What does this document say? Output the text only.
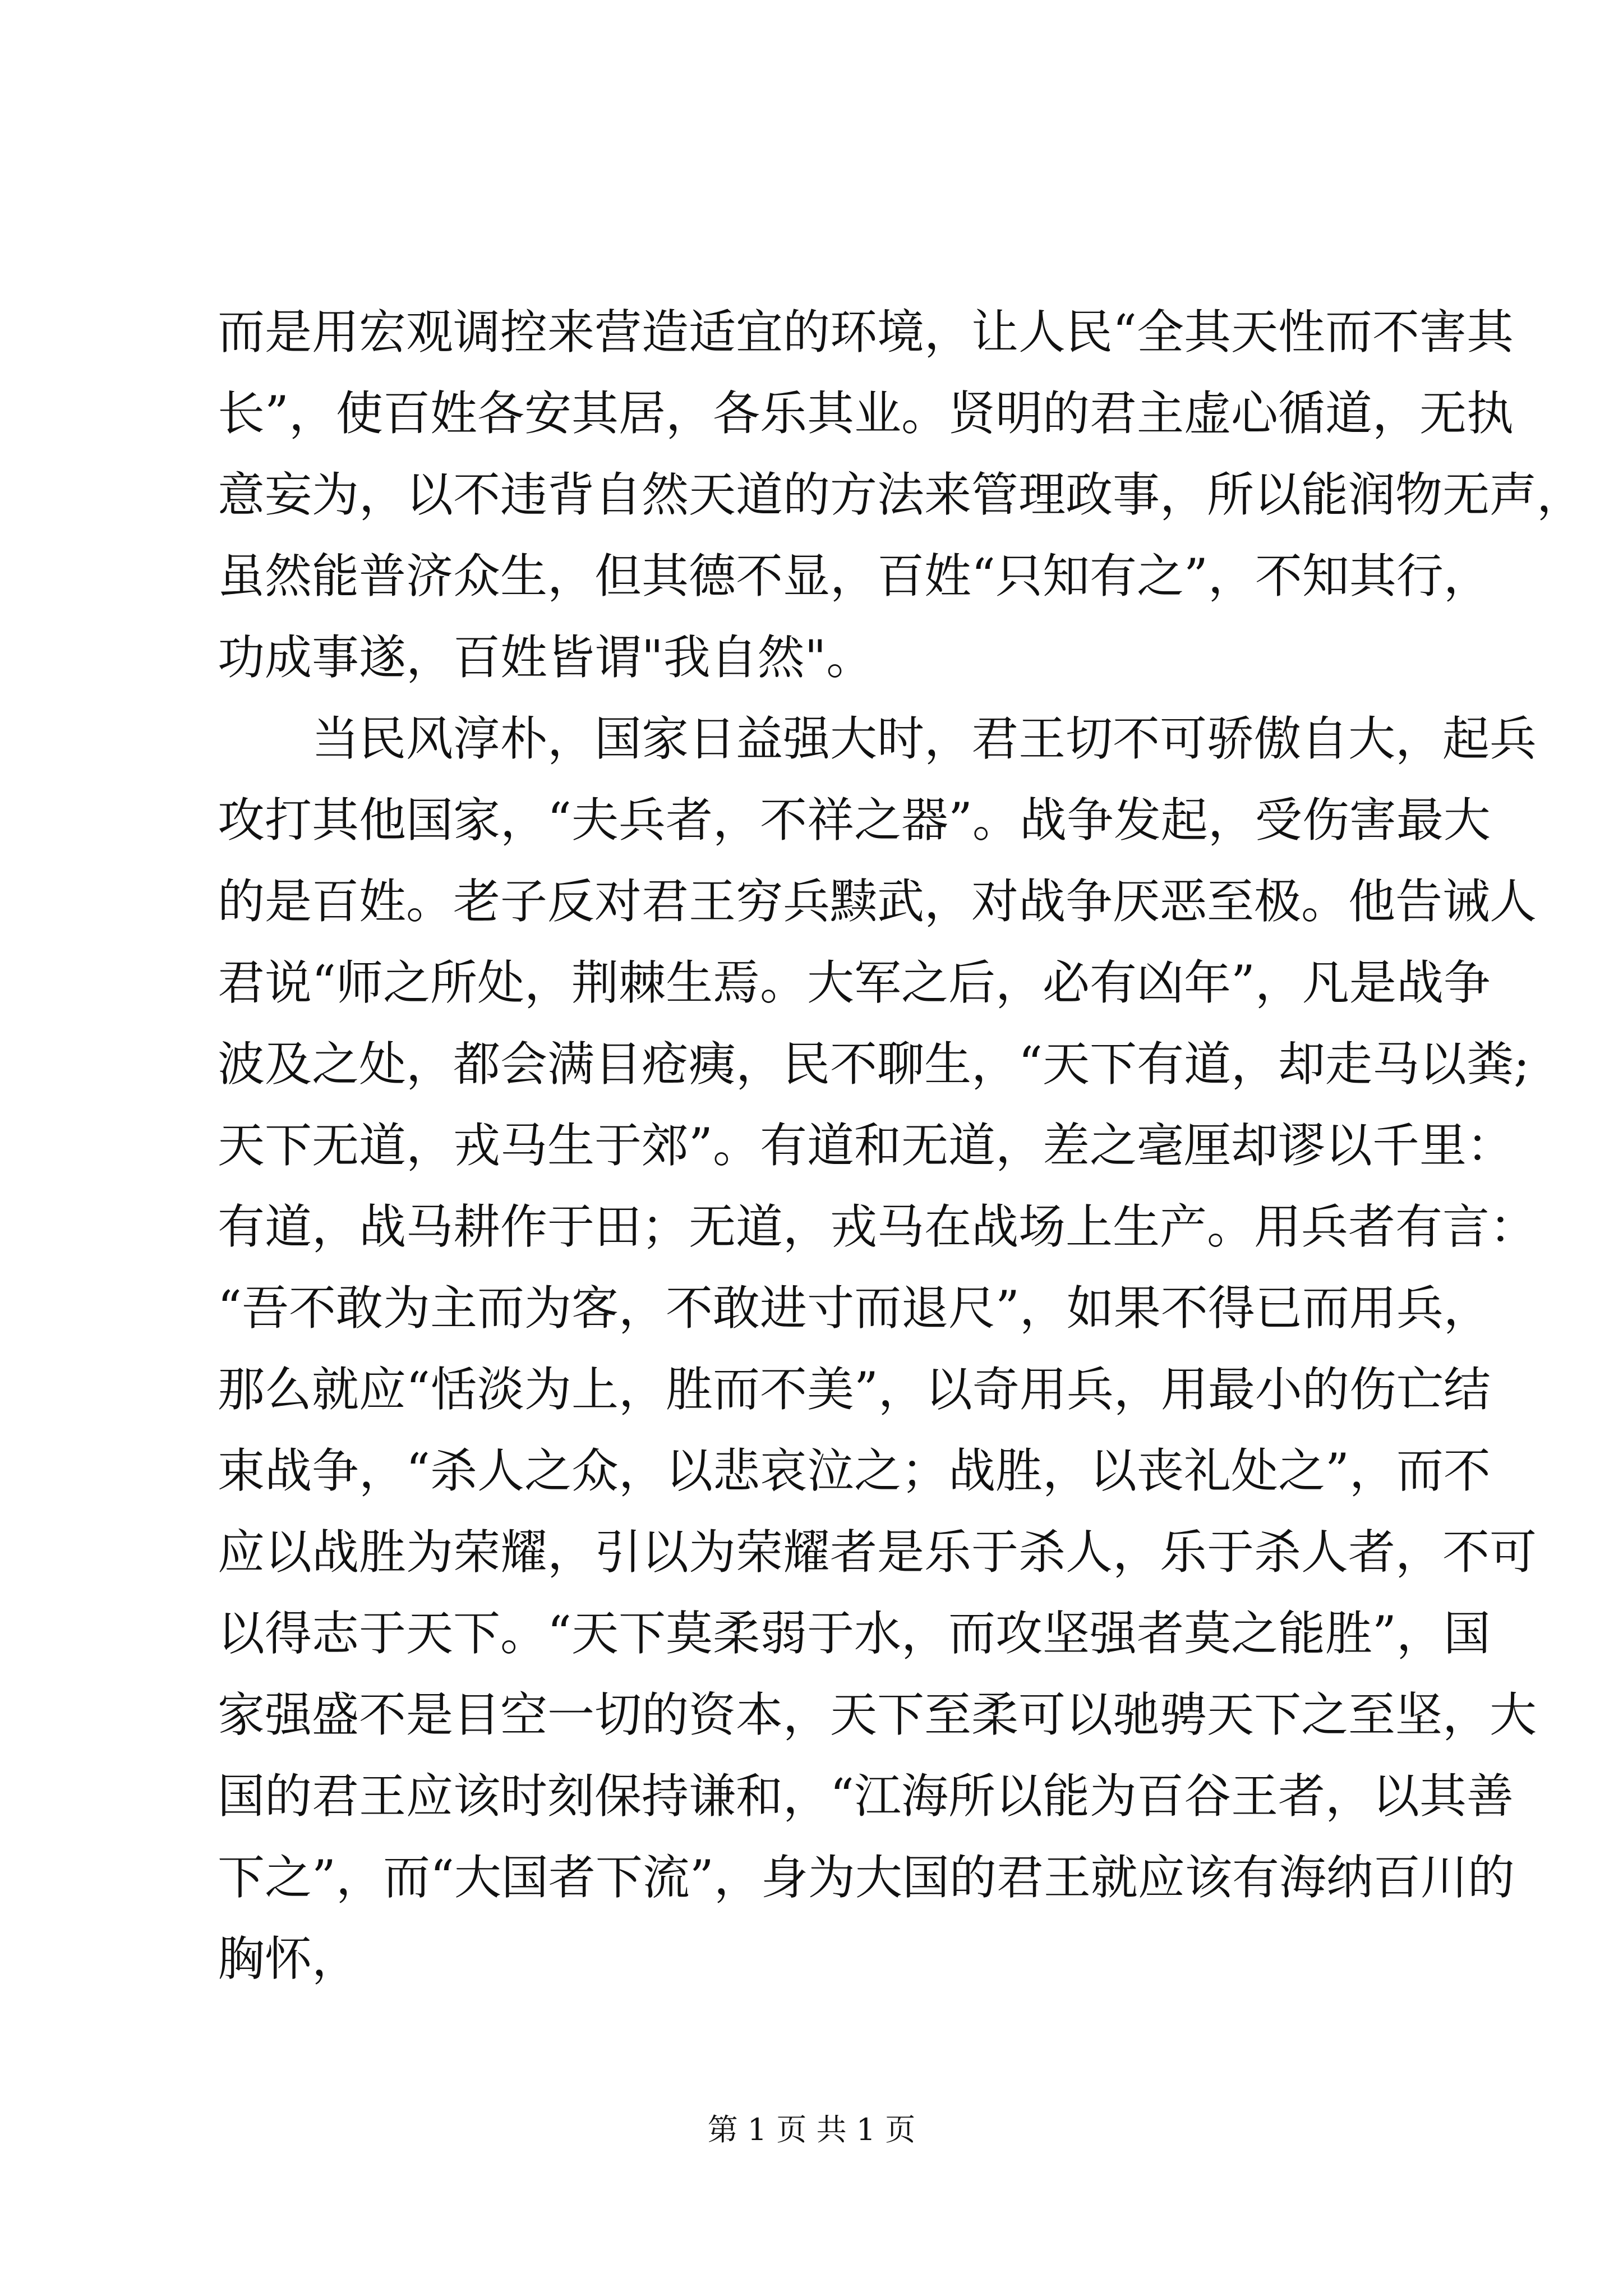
而是用宏观调控来营造适宜的环境，让人民“全其天性而不害其
长”，使百姓各安其居，各乐其业。贤明的君主虚心循道，无执
意妄为，以不违背自然天道的方法来管理政事，所以能润物无声，
虽然能普济众生，但其德不显，百姓“只知有之”，不知其行，
功成事遂，百姓皆谓"我自然"。
当民风淳朴，国家日益强大时，君王切不可骄傲自大，起兵
攻打其他国家，“夫兵者，不祥之器”。战争发起，受伤害最大
的是百姓。老子反对君王穷兵黩武，对战争厌恶至极。他告诫人
君说“师之所处，荆棘生焉。大军之后，必有凶年”，凡是战争
波及之处，都会满目疮痍，民不聊生，“天下有道，却走马以粪;
天下无道，戎马生于郊”。有道和无道，差之毫厘却谬以千里：
有道，战马耕作于田；无道，戎马在战场上生产。用兵者有言：
“吾不敢为主而为客，不敢进寸而退尺”，如果不得已而用兵，
那么就应“恬淡为上，胜而不美”，以奇用兵，用最小的伤亡结
束战争，“杀人之众，以悲哀泣之；战胜，以丧礼处之”，而不
应以战胜为荣耀，引以为荣耀者是乐于杀人，乐于杀人者，不可
以得志于天下。“天下莫柔弱于水，而攻坚强者莫之能胜”，国
家强盛不是目空一切的资本，天下至柔可以驰骋天下之至坚，大
国的君王应该时刻保持谦和，“江海所以能为百谷王者，以其善
下之”，而“大国者下流”，身为大国的君王就应该有海纳百川的
胸怀，
第 1 页 共 1 页
